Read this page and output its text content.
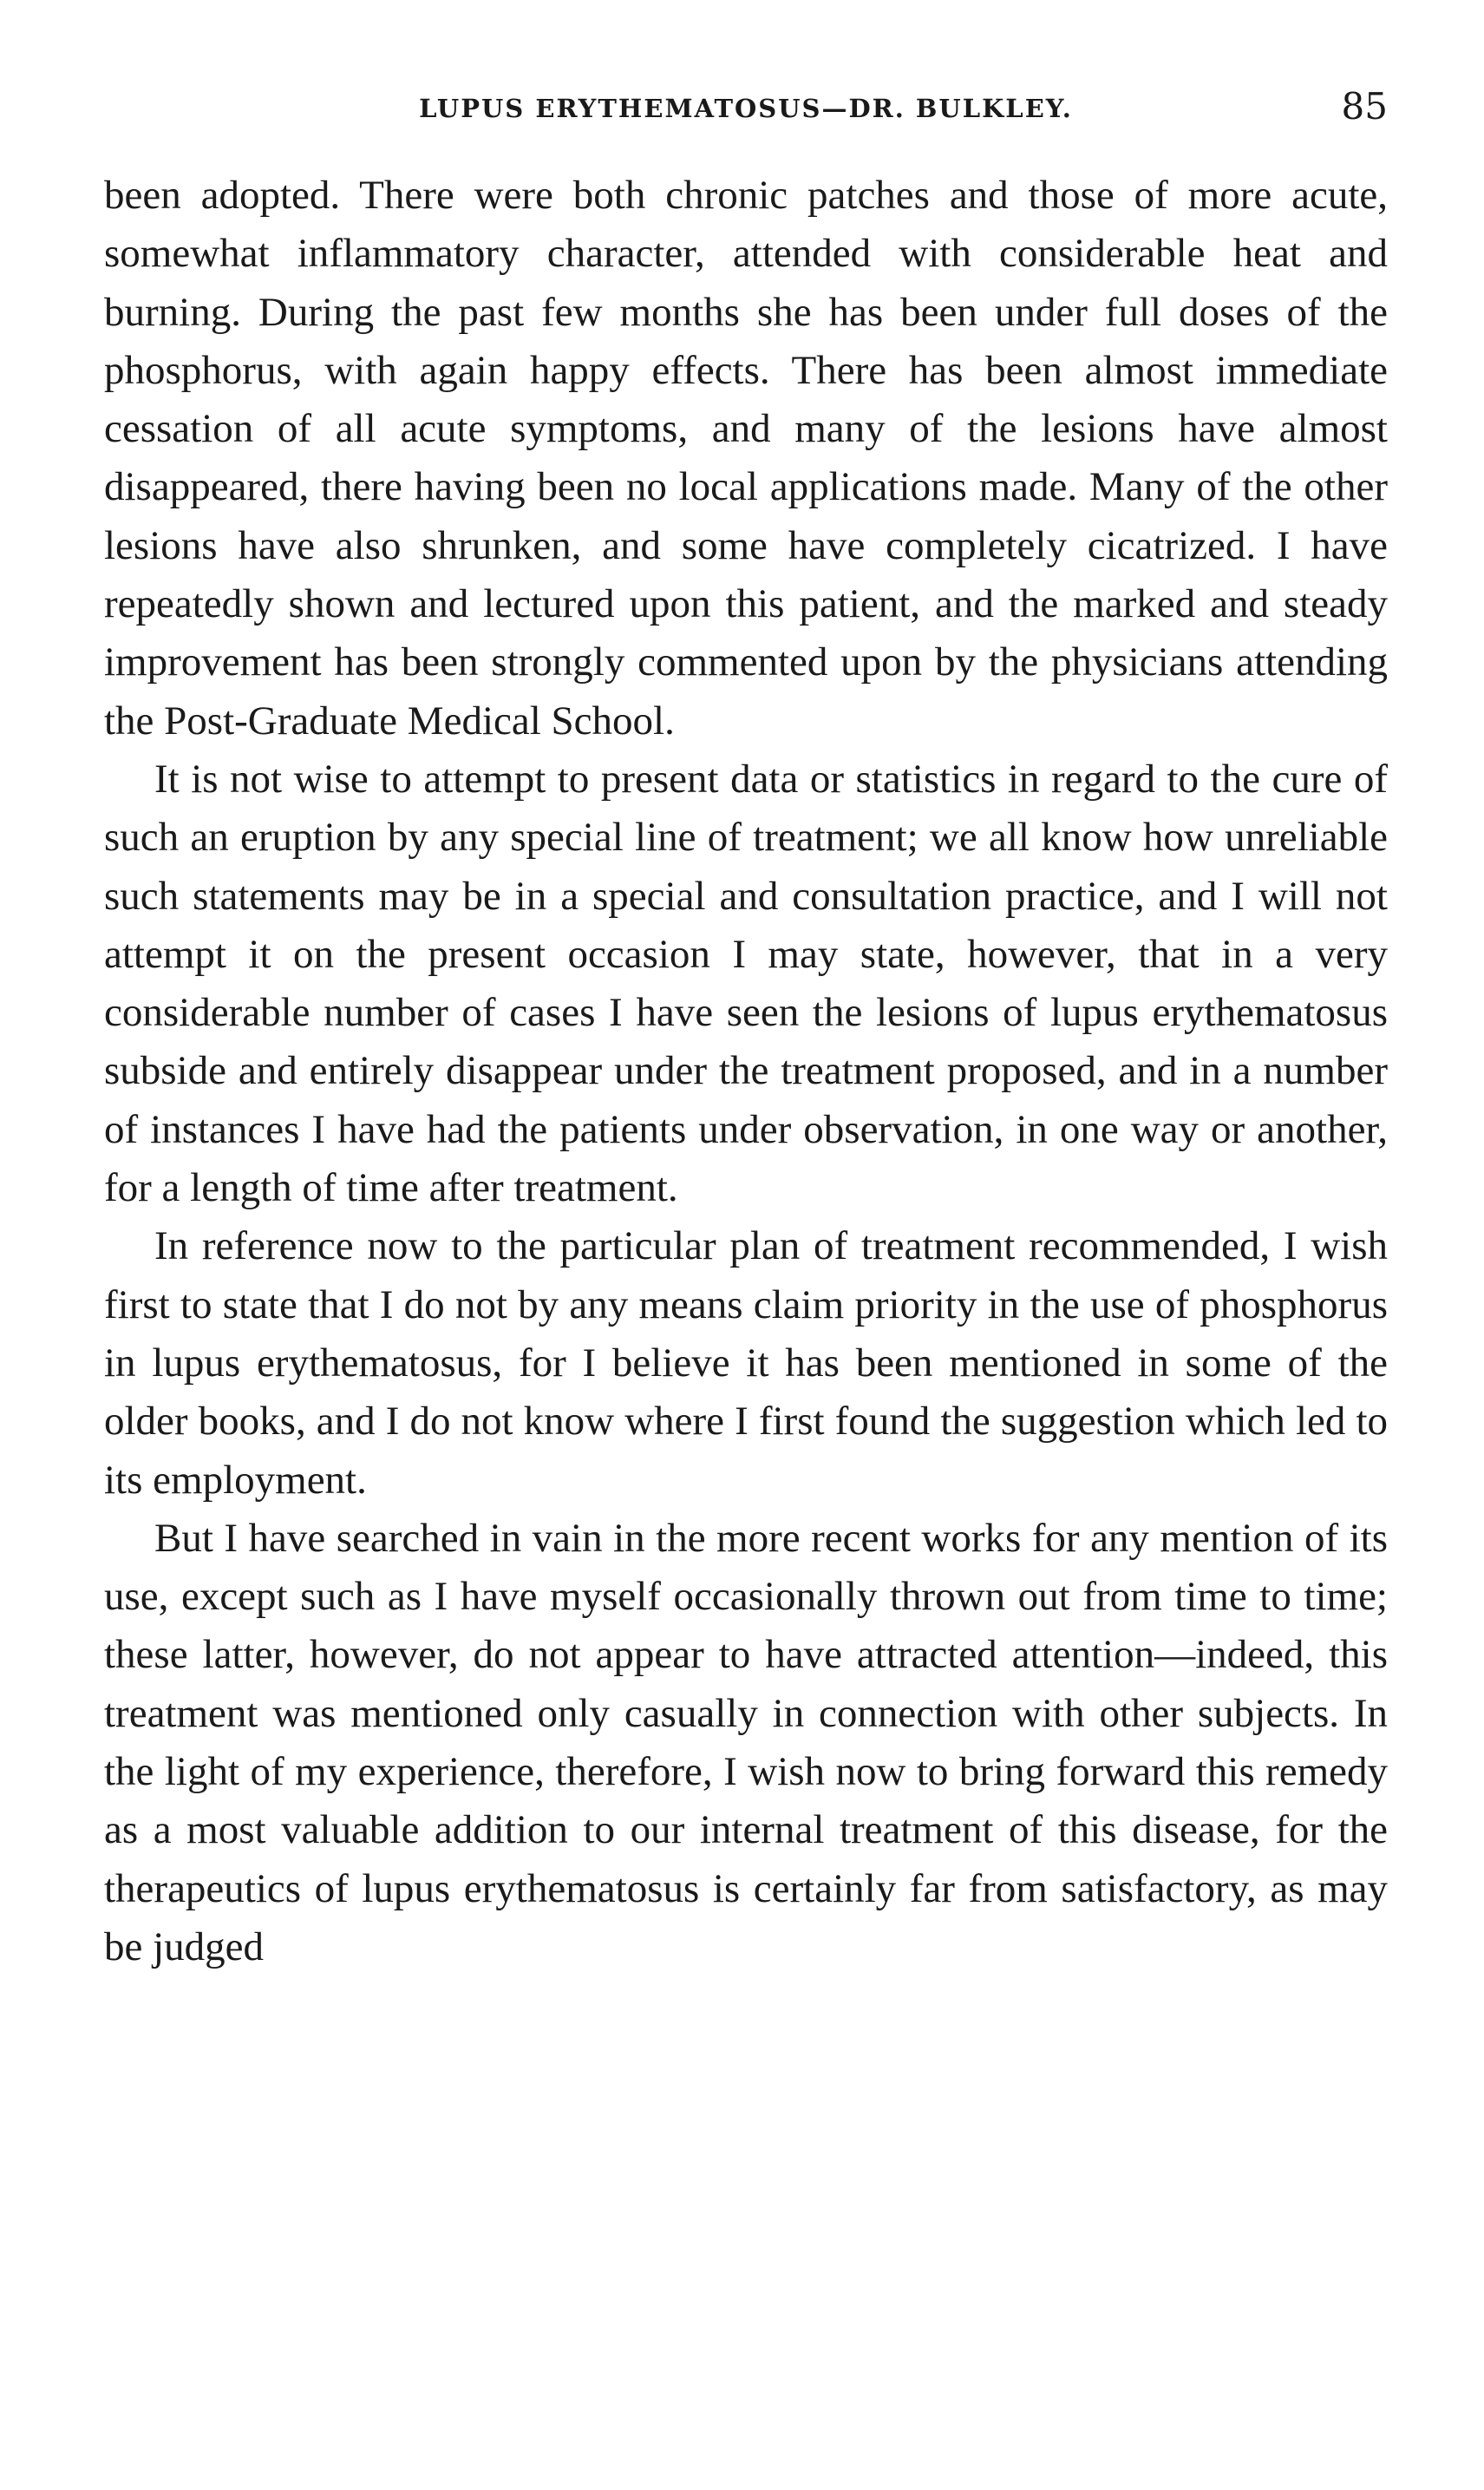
LUPUS ERYTHEMATOSUS—DR. BULKLEY.	85

been adopted. There were both chronic patches and those of more acute, somewhat inflammatory character, attended with considerable heat and burning. During the past few months she has been under full doses of the phosphorus, with again happy effects. There has been almost immediate cessation of all acute symptoms, and many of the lesions have almost disappeared, there having been no local applications made. Many of the other lesions have also shrunken, and some have completely cicatrized. I have repeatedly shown and lectured upon this patient, and the marked and steady improvement has been strongly commented upon by the physicians attending the Post-Graduate Medical School.

It is not wise to attempt to present data or statistics in regard to the cure of such an eruption by any special line of treatment; we all know how unreliable such statements may be in a special and consultation practice, and I will not attempt it on the present occasion I may state, however, that in a very considerable number of cases I have seen the lesions of lupus erythematosus subside and entirely disappear under the treatment proposed, and in a number of instances I have had the patients under observation, in one way or another, for a length of time after treatment.

In reference now to the particular plan of treatment recommended, I wish first to state that I do not by any means claim priority in the use of phosphorus in lupus erythematosus, for I believe it has been mentioned in some of the older books, and I do not know where I first found the suggestion which led to its employment.

But I have searched in vain in the more recent works for any mention of its use, except such as I have myself occasionally thrown out from time to time; these latter, however, do not appear to have attracted attention—indeed, this treatment was mentioned only casually in connection with other subjects. In the light of my experience, therefore, I wish now to bring forward this remedy as a most valuable addition to our internal treatment of this disease, for the therapeutics of lupus erythematosus is certainly far from satisfactory, as may be judged
